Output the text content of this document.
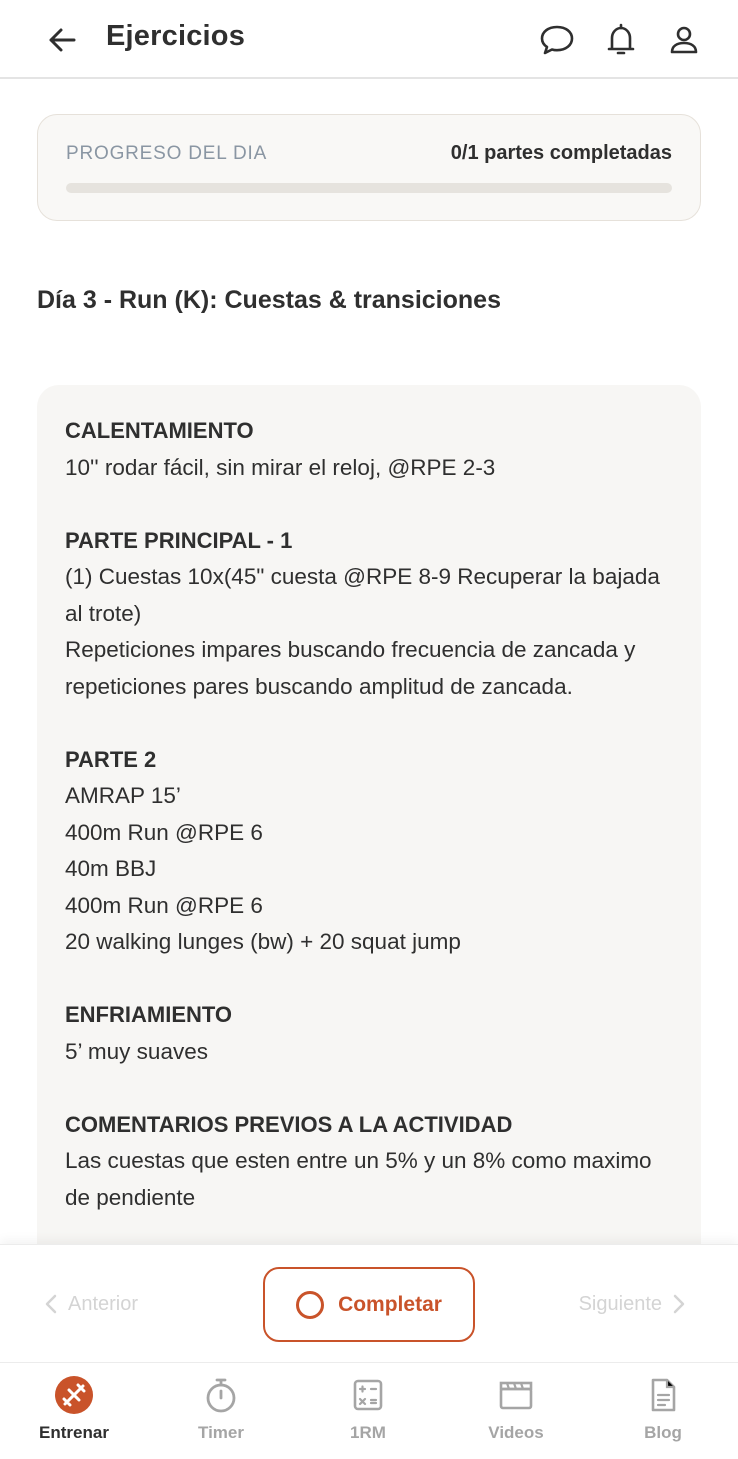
Ejercicios
PROGRESO DEL DIA	0/1 partes completadas
Día 3 - Run (K): Cuestas & transiciones
CALENTAMIENTO
10'' rodar fácil, sin mirar el reloj, @RPE 2-3
PARTE PRINCIPAL - 1
(1) Cuestas 10x(45" cuesta @RPE 8-9 Recuperar la bajada al trote)
Repeticiones impares buscando frecuencia de zancada y repeticiones pares buscando amplitud de zancada.
PARTE 2
AMRAP 15’
400m Run @RPE 6
40m BBJ
400m Run @RPE 6
20 walking lunges (bw) + 20 squat jump
ENFRIAMIENTO
5’ muy suaves
COMENTARIOS PREVIOS A LA ACTIVIDAD
Las cuestas que esten entre un 5% y un 8% como maximo de pendiente
Anterior	Completar	Siguiente
Entrenar	Timer	1RM	Videos	Blog
